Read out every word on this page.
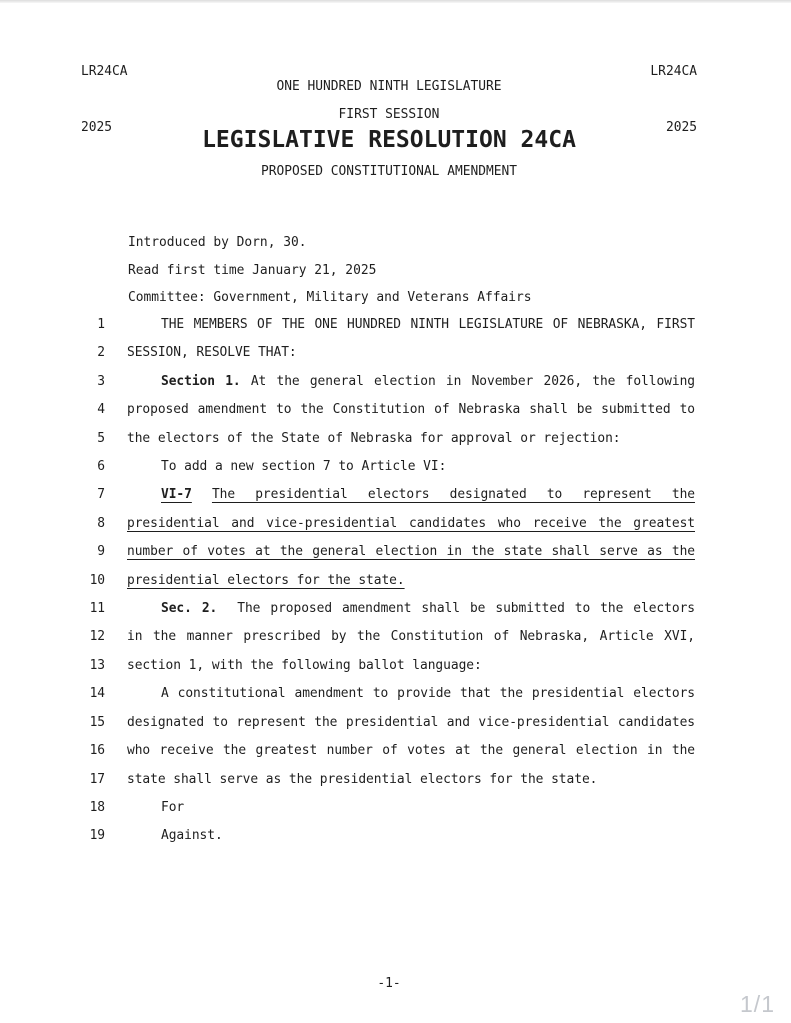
LR24CA

2025

LR24CA

2025

ONE HUNDRED NINTH LEGISLATURE
FIRST SESSION
LEGISLATIVE RESOLUTION 24CA
PROPOSED CONSTITUTIONAL AMENDMENT
Introduced by Dorn, 30.
Read first time January 21, 2025
Committee: Government, Military and Veterans Affairs
1	THE MEMBERS OF THE ONE HUNDRED NINTH LEGISLATURE OF NEBRASKA, FIRST
2 SESSION, RESOLVE THAT:
3	Section 1. At the general election in November 2026, the following
4 proposed amendment to the Constitution of Nebraska shall be submitted to
5 the electors of the State of Nebraska for approval or rejection:
6	To add a new section 7 to Article VI:
7	VI-7 The presidential electors designated to represent the
8 presidential and vice-presidential candidates who receive the greatest
9 number of votes at the general election in the state shall serve as the
10 presidential electors for the state.
11	Sec. 2.  The proposed amendment shall be submitted to the electors
12 in the manner prescribed by the Constitution of Nebraska, Article XVI,
13 section 1, with the following ballot language:
14	A constitutional amendment to provide that the presidential electors
15 designated to represent the presidential and vice-presidential candidates
16 who receive the greatest number of votes at the general election in the
17 state shall serve as the presidential electors for the state.
18	For
19	Against.
-1-
1/1
